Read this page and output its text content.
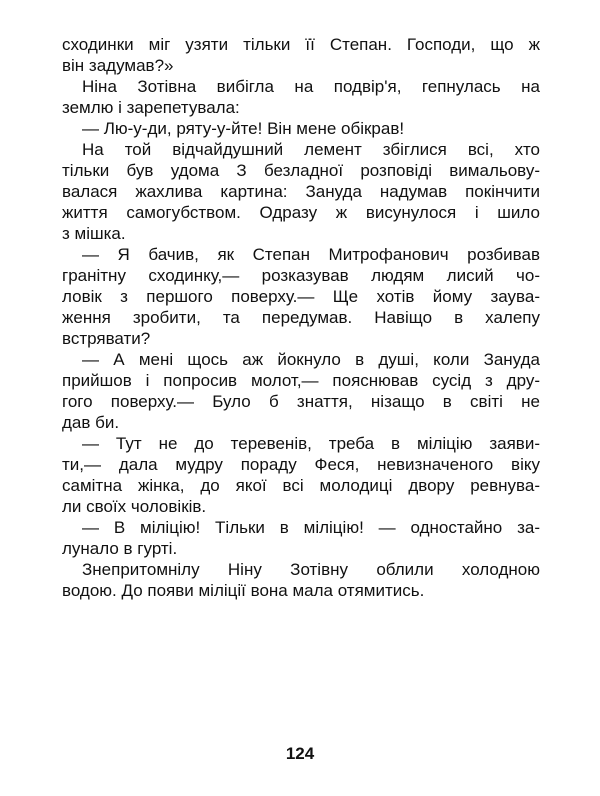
сходинки міг узяти тільки її Степан. Господи, що ж
він задумав?»
Ніна Зотівна вибігла на подвір'я, гепнулась на
землю і зарепетувала:
— Лю-у-ди, ряту-у-йте! Він мене обікрав!
На той відчайдушний лемент збіглися всі, хто
тільки був удома З безладної розповіді вимальову-
валася жахлива картина: Зануда надумав покінчити
життя самогубством. Одразу ж висунулося і шило
з мішка.
— Я бачив, як Степан Митрофанович розбивав
гранітну сходинку,— розказував людям лисий чо-
ловік з першого поверху.— Ще хотів йому заува-
ження зробити, та передумав. Навіщо в халепу
встрявати?
— А мені щось аж йокнуло в душі, коли Зануда
прийшов і попросив молот,— пояснював сусід з дру-
гого поверху.— Було б знаття, нізащо в світі не
дав би.
— Тут не до теревенів, треба в міліцію заяви-
ти,— дала мудру пораду Феся, невизначеного віку
самітна жінка, до якої всі молодиці двору ревнува-
ли своїх чоловіків.
— В міліцію! Тільки в міліцію! — одностайно за-
лунало в гурті.
Знепритомнілу Ніну Зотівну облили холодною
водою. До появи міліції вона мала отямитись.
124
